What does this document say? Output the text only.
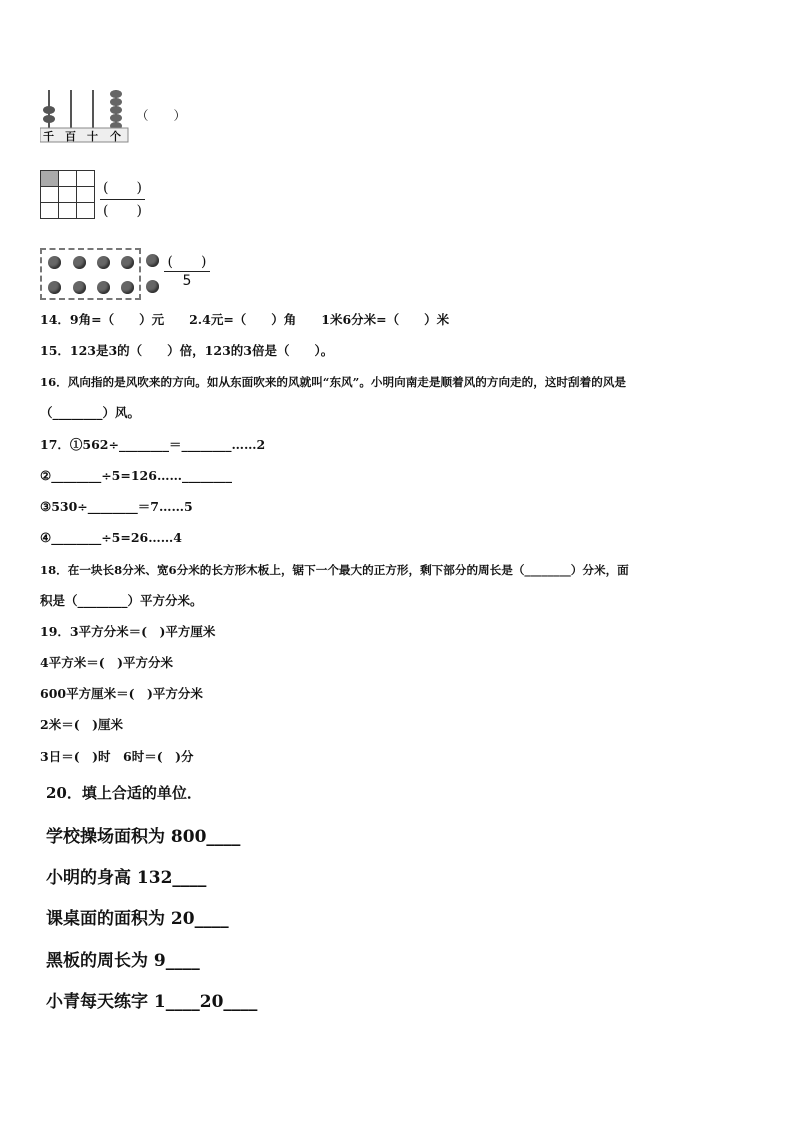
千 百 十 个
（　　）

(　　)
(　　)
(　　)
5
14．9角=（　　）元　　2.4元=（　　）角　　1米6分米=（　　）米
15．123是3的（　　）倍，123的3倍是（　　）。
16．风向指的是风吹来的方向。如从东面吹来的风就叫“东风”。小明向南走是顺着风的方向走的，这时刮着的风是
（________）风。
17．①562÷________＝________……2
②________÷5=126……________
③530÷________＝7……5
④________÷5=26……4
18．在一块长8分米、宽6分米的长方形木板上，锯下一个最大的正方形，剩下部分的周长是（________）分米，面
积是（________）平方分米。
19．3平方分米＝(　)平方厘米
4平方米＝(　)平方分米
600平方厘米＝(　)平方分米
2米＝(　)厘米
3日＝(　)时　6时＝(　)分
20．填上合适的单位．
学校操场面积为 800____
小明的身高 132____
课桌面的面积为 20____
黑板的周长为 9____
小青每天练字 1____20____
